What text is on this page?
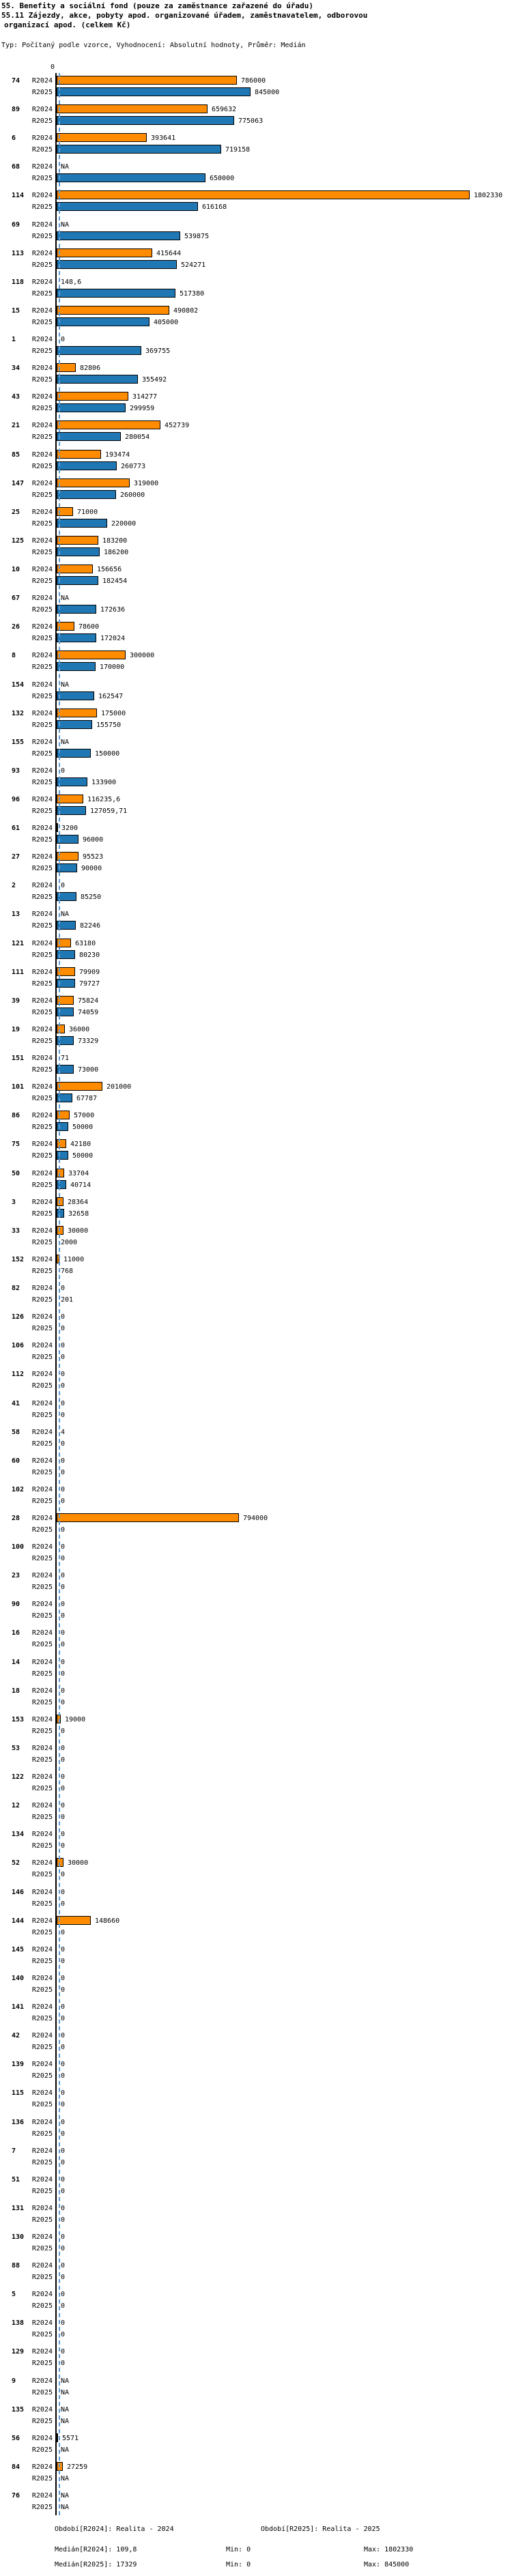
55. Benefity a sociální fond (pouze za zaměstnance zařazené do úřadu)
55.11 Zájezdy, akce, pobyty apod. organizované úřadem, zaměstnavatelem, odborovou
organizací apod. (celkem Kč)
Typ: Počítaný podle vzorce, Vyhodnocení: Absolutní hodnoty, Průměr: Medián
0
74	R2024
R2025
786000
845000
89	R2024
R2025
659632
775063
6	R2024
R2025
393641
719158
68	R2024
R2025
NA
650000
114	R2024
R2025
1802330
616168
69	R2024
R2025
NA
539875
113	R2024
R2025
415644
524271
118	R2024
R2025
148,6
517380
15	R2024
R2025
490802
405000
1	R2024
R2025
0
369755
34	R2024
R2025
82806
355492
43	R2024
R2025
314277
299959
21	R2024
R2025
452739
280054
85	R2024
R2025
193474
260773
147	R2024
R2025
319000
260000
25	R2024
R2025
71000
220000
125	R2024
R2025
183200
186200
10	R2024
R2025
156656
182454
67	R2024
R2025
NA
172636
26	R2024
R2025
78600
172024
8	R2024
R2025
300000
170000
154	R2024
R2025
NA
162547
132	R2024
R2025
175000
155750
155	R2024
R2025
NA
150000
93	R2024
R2025
0
133900
96	R2024
R2025
116235,6
127059,71
61	R2024
R2025
3200
96000
27	R2024
R2025
95523
90000
2	R2024
R2025
0
85250
13	R2024
R2025
NA
82246
121	R2024
R2025
63180
80230
111	R2024
R2025
79909
79727
39	R2024
R2025
75824
74059
19	R2024
R2025
36000
73329
151	R2024
R2025
71
73000
101	R2024
R2025
201000
67787
86	R2024
R2025
57000
50000
75	R2024
R2025
42180
50000
50	R2024
R2025
33704
40714
3	R2024
R2025
28364
32658
33	R2024
R2025
30000
2000
152	R2024
R2025
11000
768
82	R2024
R2025
0
201
126	R2024
R2025
0
0
106	R2024
R2025
0
0
112	R2024
R2025
0
0
41	R2024
R2025
0
0
58	R2024
R2025
4
0
60	R2024
R2025
0
0
102	R2024
R2025
0
0
28	R2024
R2025
794000
0
100	R2024
R2025
0
0
23	R2024
R2025
0
0
90	R2024
R2025
0
0
16	R2024
R2025
0
0
14	R2024
R2025
0
0
18	R2024
R2025
0
0
153	R2024
R2025
19000
0
53	R2024
R2025
0
0
122	R2024
R2025
0
0
12	R2024
R2025
0
0
134	R2024
R2025
0
0
52	R2024
R2025
30000
0
146	R2024
R2025
0
0
144	R2024
R2025
148660
0
145	R2024
R2025
0
0
140	R2024
R2025
0
0
141	R2024
R2025
0
0
42	R2024
R2025
0
0
139	R2024
R2025
0
0
115	R2024
R2025
0
0
136	R2024
R2025
0
0
7	R2024
R2025
0
0
51	R2024
R2025
0
0
131	R2024
R2025
0
0
130	R2024
R2025
0
0
88	R2024
R2025
0
0
5	R2024
R2025
0
0
138	R2024
R2025
0
0
129	R2024
R2025
0
0
9	R2024
R2025
NA
NA
135	R2024
R2025
NA
NA
56	R2024
R2025
5571
NA
84	R2024
R2025
27259
NA
76	R2024
R2025
NA
NA
Období[R2024]: Realita - 2024	Období[R2025]: Realita - 2025
Medián[R2024]: 109,8	Min: 0	Max: 1802330
Medián[R2025]: 17329	Min: 0	Max: 845000
